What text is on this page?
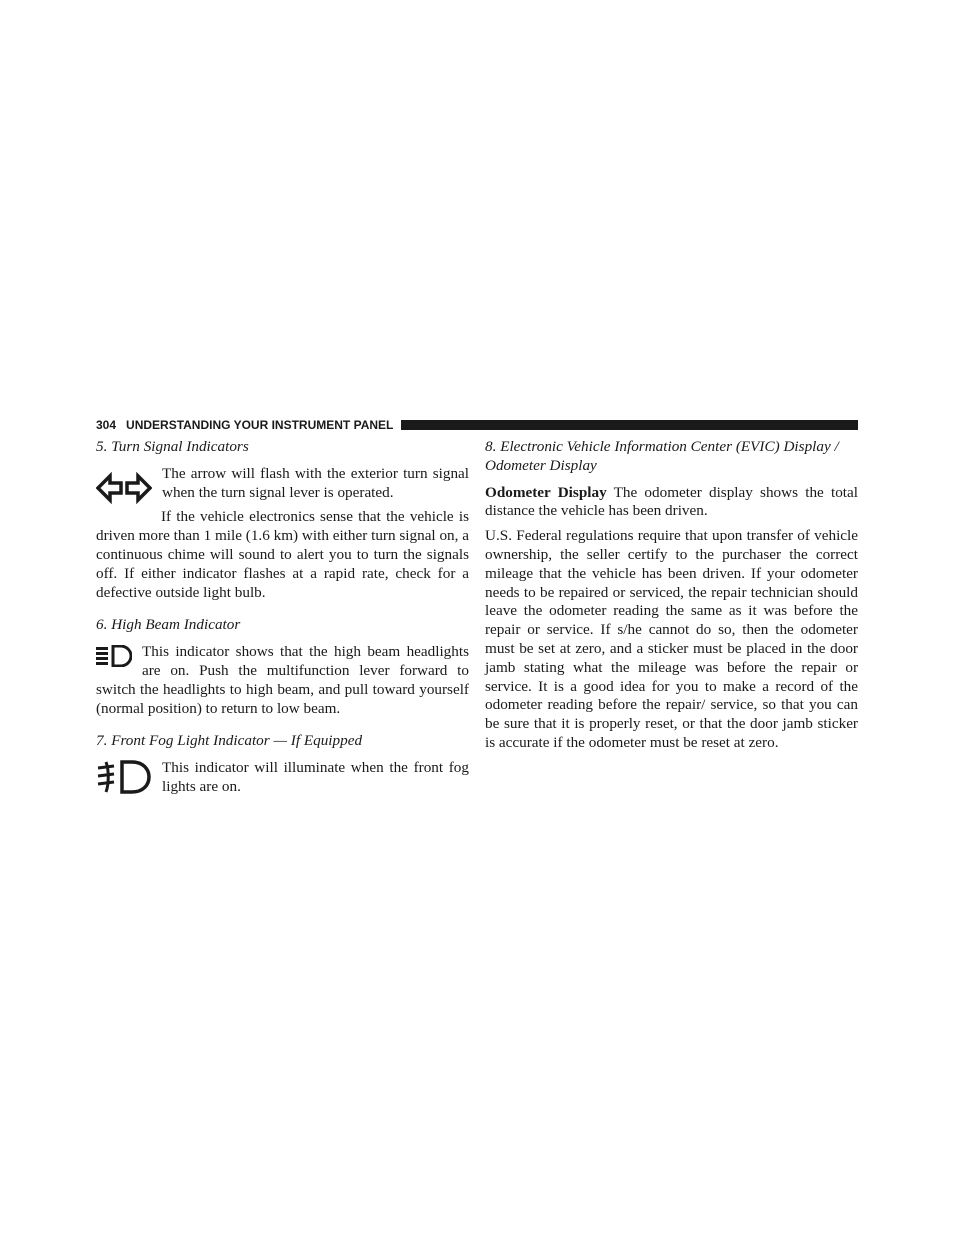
304 UNDERSTANDING YOUR INSTRUMENT PANEL
5. Turn Signal Indicators

The arrow will flash with the exterior turn signal when the turn signal lever is operated.

If the vehicle electronics sense that the vehicle is driven more than 1 mile (1.6 km) with either turn signal on, a continuous chime will sound to alert you to turn the signals off. If either indicator flashes at a rapid rate, check for a defective outside light bulb.

6. High Beam Indicator

This indicator shows that the high beam headlights are on. Push the multifunction lever forward to switch the headlights to high beam, and pull toward yourself (normal position) to return to low beam.

7. Front Fog Light Indicator — If Equipped

This indicator will illuminate when the front fog lights are on.

8. Electronic Vehicle Information Center (EVIC) Display / Odometer Display

Odometer Display The odometer display shows the total distance the vehicle has been driven.

U.S. Federal regulations require that upon transfer of vehicle ownership, the seller certify to the purchaser the correct mileage that the vehicle has been driven. If your odometer needs to be repaired or serviced, the repair technician should leave the odometer reading the same as it was before the repair or service. If s/he cannot do so, then the odometer must be set at zero, and a sticker must be placed in the door jamb stating what the mileage was before the repair or service. It is a good idea for you to make a record of the odometer reading before the repair/ service, so that you can be sure that it is properly reset, or that the door jamb sticker is accurate if the odometer must be reset at zero.
